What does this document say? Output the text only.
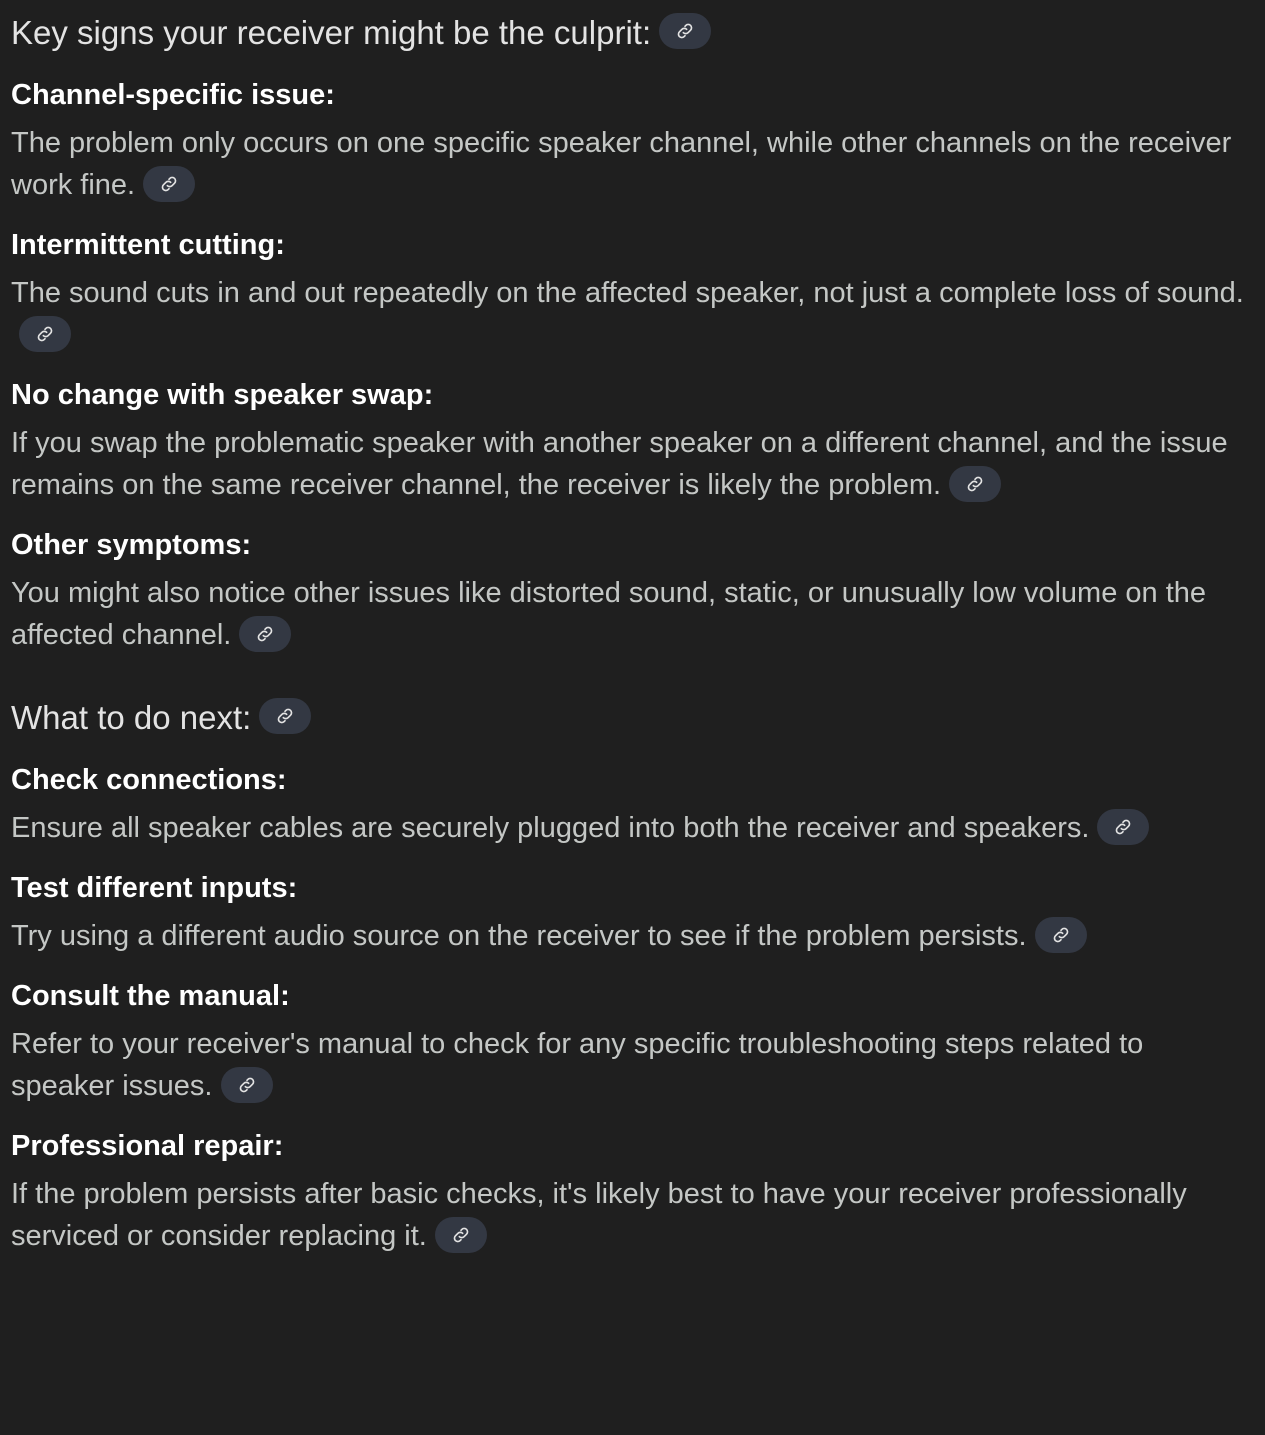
Key signs your receiver might be the culprit:

Channel-specific issue:

The problem only occurs on one specific speaker channel, while other channels on the receiver work fine.

Intermittent cutting:

The sound cuts in and out repeatedly on the affected speaker, not just a complete loss of sound.

No change with speaker swap:

If you swap the problematic speaker with another speaker on a different channel, and the issue remains on the same receiver channel, the receiver is likely the problem.

Other symptoms:

You might also notice other issues like distorted sound, static, or unusually low volume on the affected channel.

What to do next:

Check connections:

Ensure all speaker cables are securely plugged into both the receiver and speakers.

Test different inputs:

Try using a different audio source on the receiver to see if the problem persists.

Consult the manual:

Refer to your receiver's manual to check for any specific troubleshooting steps related to speaker issues.

Professional repair:

If the problem persists after basic checks, it's likely best to have your receiver professionally serviced or consider replacing it.
